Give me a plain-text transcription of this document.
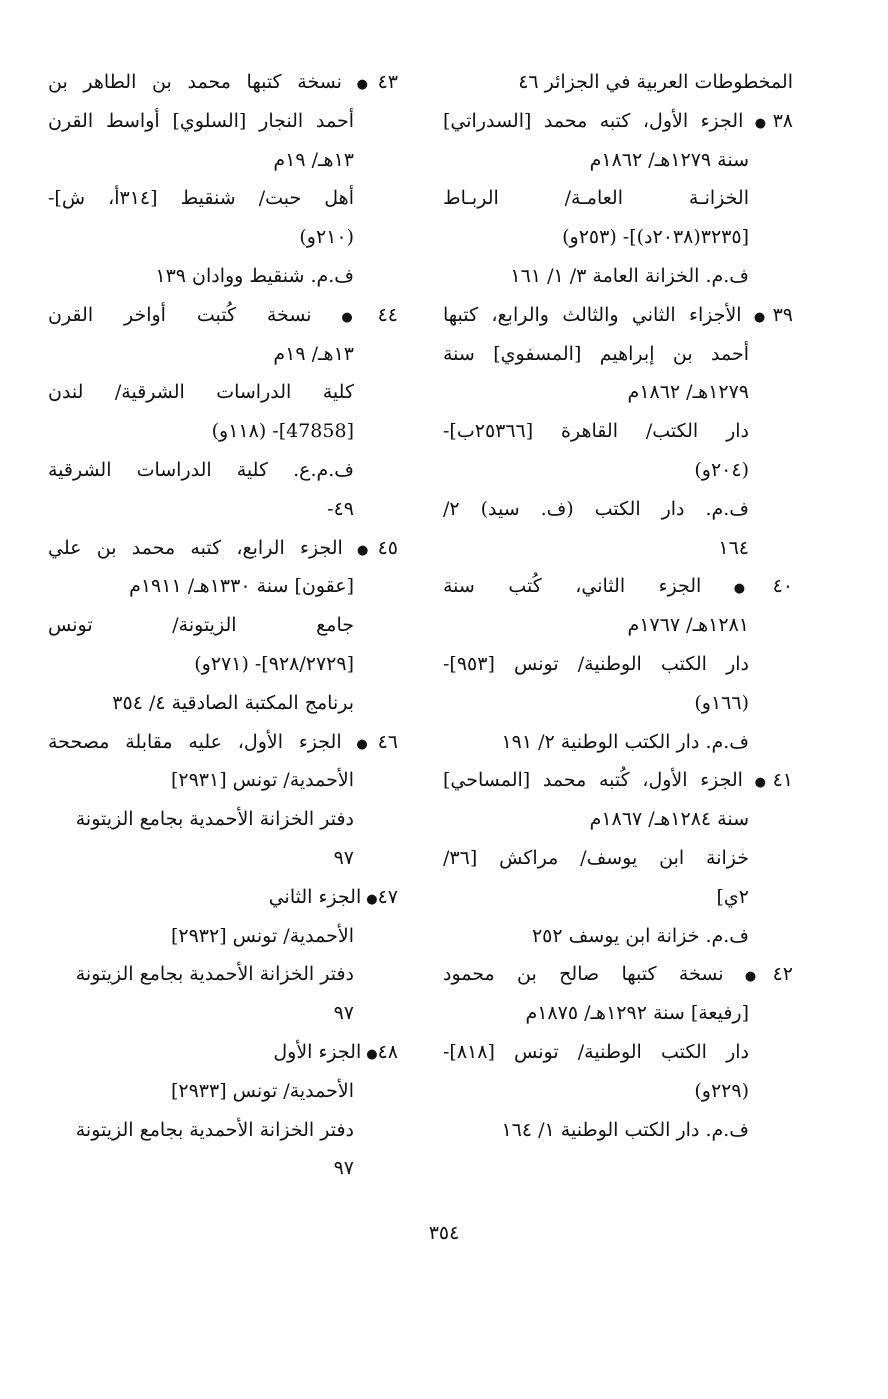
المخطوطات العربية في الجزائر ٤٦
٣٨●الجزء الأول، كتبه محمد [السدراتي]
سنة ١٢٧٩هـ/ ١٨٦٢م
الخزانـة العامـة/ الربـاط
[٣٢٣٥(٢٠٣٨د)]- (٢٥٣و)
ف.م. الخزانة العامة ٣/ ١/ ١٦١
٣٩●الأجزاء الثاني والثالث والرابع، كتبها
أحمد بن إبراهيم [المسفوي] سنة
١٢٧٩هـ/ ١٨٦٢م
دار الكتب/ القاهرة [٢٥٣٦٦ب]-
(٢٠٤و)
ف.م. دار الكتب (ف. سيد) ٢/
١٦٤
٤٠●الجزء الثاني، كُتب سنة
١٢٨١هـ/ ١٧٦٧م
دار الكتب الوطنية/ تونس [٩٥٣]-
(١٦٦و)
ف.م. دار الكتب الوطنية ٢/ ١٩١
٤١●الجزء الأول، كُتبه محمد [المساحي]
سنة ١٢٨٤هـ/ ١٨٦٧م
خزانة ابن يوسف/ مراكش [٣٦/
٢ي]
ف.م. خزانة ابن يوسف ٢٥٢
٤٢●نسخة كتبها صالح بن محمود
[رفيعة] سنة ١٢٩٢هـ/ ١٨٧٥م
دار الكتب الوطنية/ تونس [٨١٨]-
(٢٢٩و)
ف.م. دار الكتب الوطنية ١/ ١٦٤
٤٣●نسخة كتبها محمد بن الطاهر بن
أحمد النجار [السلوي] أواسط القرن
١٣هـ/ ١٩م
أهل حبت/ شنقيط [٣١٤أ، ش]-
(٢١٠و)
ف.م. شنقيط ووادان ١٣٩
٤٤●نسخة كُتبت أواخر القرن
١٣هـ/ ١٩م
كلية الدراسات الشرقية/ لندن
[47858]- (١١٨و)
ف.م.ع. كلية الدراسات الشرقية
٤٩-
٤٥●الجزء الرابع، كتبه محمد بن علي
[عقون] سنة ١٣٣٠هـ/ ١٩١١م
جامع الزيتونة/ تونس
[٩٢٨/٢٧٢٩]- (٢٧١و)
برنامج المكتبة الصادقية ٤/ ٣٥٤
٤٦●الجزء الأول، عليه مقابلة مصححة
الأحمدية/ تونس [٢٩٣١]
دفتر الخزانة الأحمدية بجامع الزيتونة
٩٧
٤٧●الجزء الثاني
الأحمدية/ تونس [٢٩٣٢]
دفتر الخزانة الأحمدية بجامع الزيتونة
٩٧
٤٨●الجزء الأول
الأحمدية/ تونس [٢٩٣٣]
دفتر الخزانة الأحمدية بجامع الزيتونة
٩٧
٣٥٤
